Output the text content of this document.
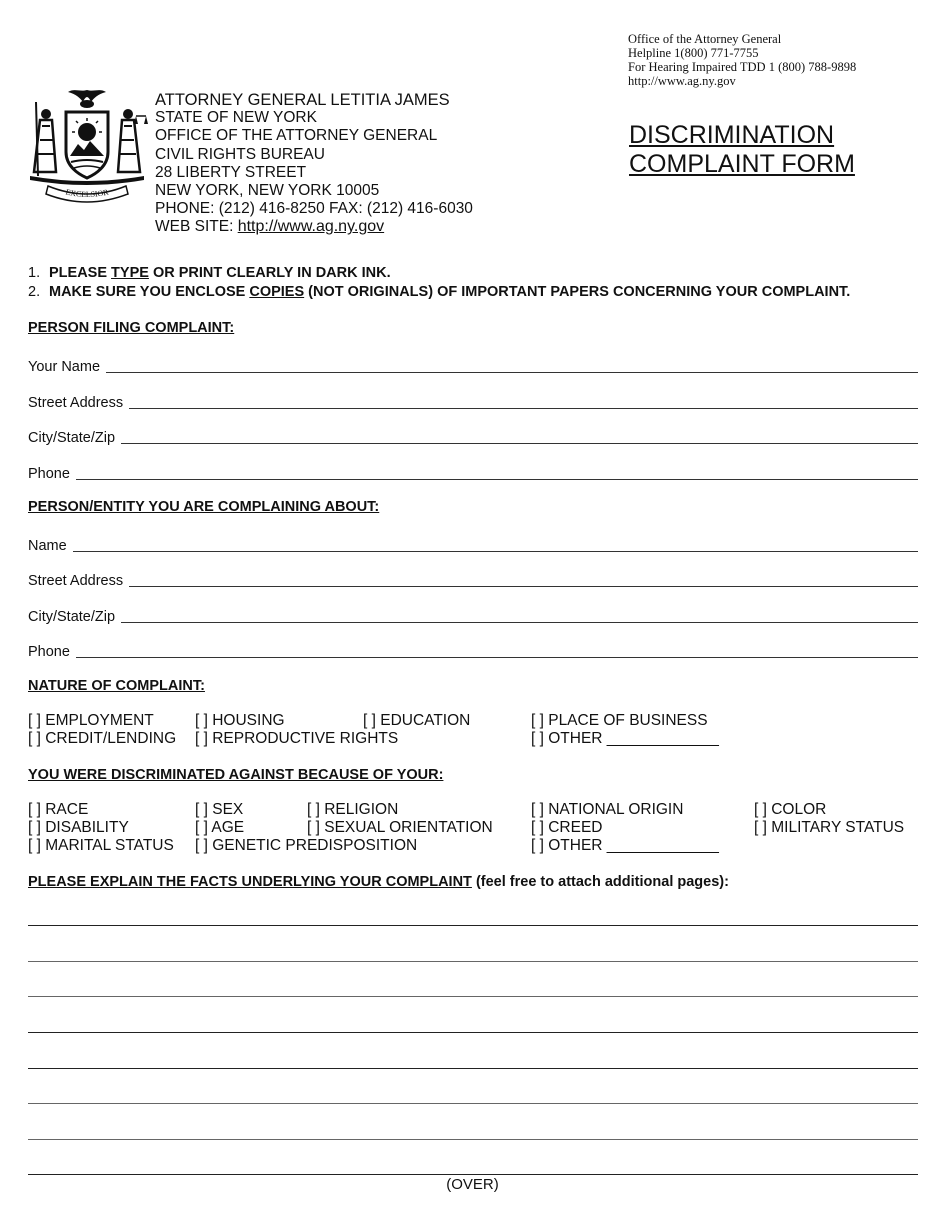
Office of the Attorney General
Helpline 1(800) 771-7755
For Hearing Impaired TDD 1 (800) 788-9898
http://www.ag.ny.gov
EXCELSIOR
ATTORNEY GENERAL LETITIA JAMES
STATE OF NEW YORK
OFFICE OF THE ATTORNEY GENERAL
CIVIL RIGHTS BUREAU
28 LIBERTY STREET
NEW YORK, NEW YORK 10005
PHONE: (212) 416-8250 FAX: (212) 416-6030
WEB SITE: http://www.ag.ny.gov
DISCRIMINATION
COMPLAINT FORM
1. PLEASE TYPE OR PRINT CLEARLY IN DARK INK.
2. MAKE SURE YOU ENCLOSE COPIES (NOT ORIGINALS) OF IMPORTANT PAPERS CONCERNING YOUR COMPLAINT.
PERSON FILING COMPLAINT:
Your Name
Street Address
City/State/Zip
Phone
PERSON/ENTITY YOU ARE COMPLAINING ABOUT:
Name
Street Address
City/State/Zip
Phone
NATURE OF COMPLAINT:
[ ] EMPLOYMENT	[ ] HOUSING	[ ] EDUCATION	[ ] PLACE OF BUSINESS
[ ] CREDIT/LENDING [ ] REPRODUCTIVE RIGHTS	[ ] OTHER _____________
YOU WERE DISCRIMINATED AGAINST BECAUSE OF YOUR:
[ ] RACE	[ ] SEX	[ ] RELIGION	[ ] NATIONAL ORIGIN	[ ] COLOR
[ ] DISABILITY	[ ] AGE	[ ] SEXUAL ORIENTATION [ ] CREED	[ ] MILITARY STATUS
[ ] MARITAL STATUS [ ] GENETIC PREDISPOSITION	[ ] OTHER _____________
PLEASE EXPLAIN THE FACTS UNDERLYING YOUR COMPLAINT (feel free to attach additional pages):
(OVER)
